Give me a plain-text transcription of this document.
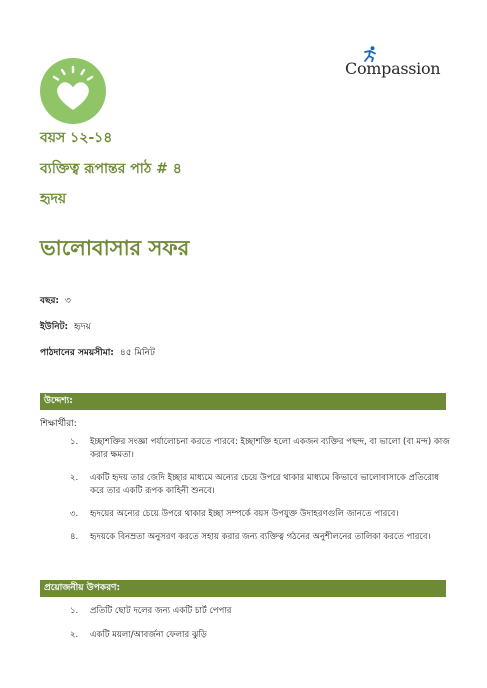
Compassion
বয়স ১২-১৪
ব্যক্তিত্ব রূপান্তর পাঠ # ৪
হৃদয়
ভালোবাসার সফর
বছর: ৩
ইউনিট: হৃদয়
পাঠদানের সময়সীমা: ৪৫ মিনিট
উদ্দেশ্য:
শিক্ষার্থীরা:
১.	ইচ্ছাশক্তির সংজ্ঞা পর্যালোচনা করতে পারবে: ইচ্ছাশক্তি হলো একজন ব্যক্তির পছন্দ, বা ভালো (বা মন্দ) কাজ করার ক্ষমতা।
২.	একটি হৃদয় তার জেদি ইচ্ছার মাধ্যমে অন্যের চেয়ে উপরে থাকার মাধ্যমে কিভাবে ভালোবাসাকে প্রতিরোধ করে তার একটি রূপক কাহিনী শুনবে।
৩.	হৃদয়ের অন্যের চেয়ে উপরে থাকার ইচ্ছা সম্পর্কে বয়স উপযুক্ত উদাহরণগুলি জানতে পারবে।
৪.	হৃদয়কে বিনম্রতা অনুসরণ করতে সহায় করার জন্য ব্যক্তিত্ব গঠনের অনুশীলনের তালিকা করতে পারবে।
প্রয়োজনীয় উপকরণ:
১.	প্রতিটি ছোট দলের জন্য একটি চার্ট পেপার
২.	একটি ময়লা/আবর্জনা ফেলার ঝুড়ি
